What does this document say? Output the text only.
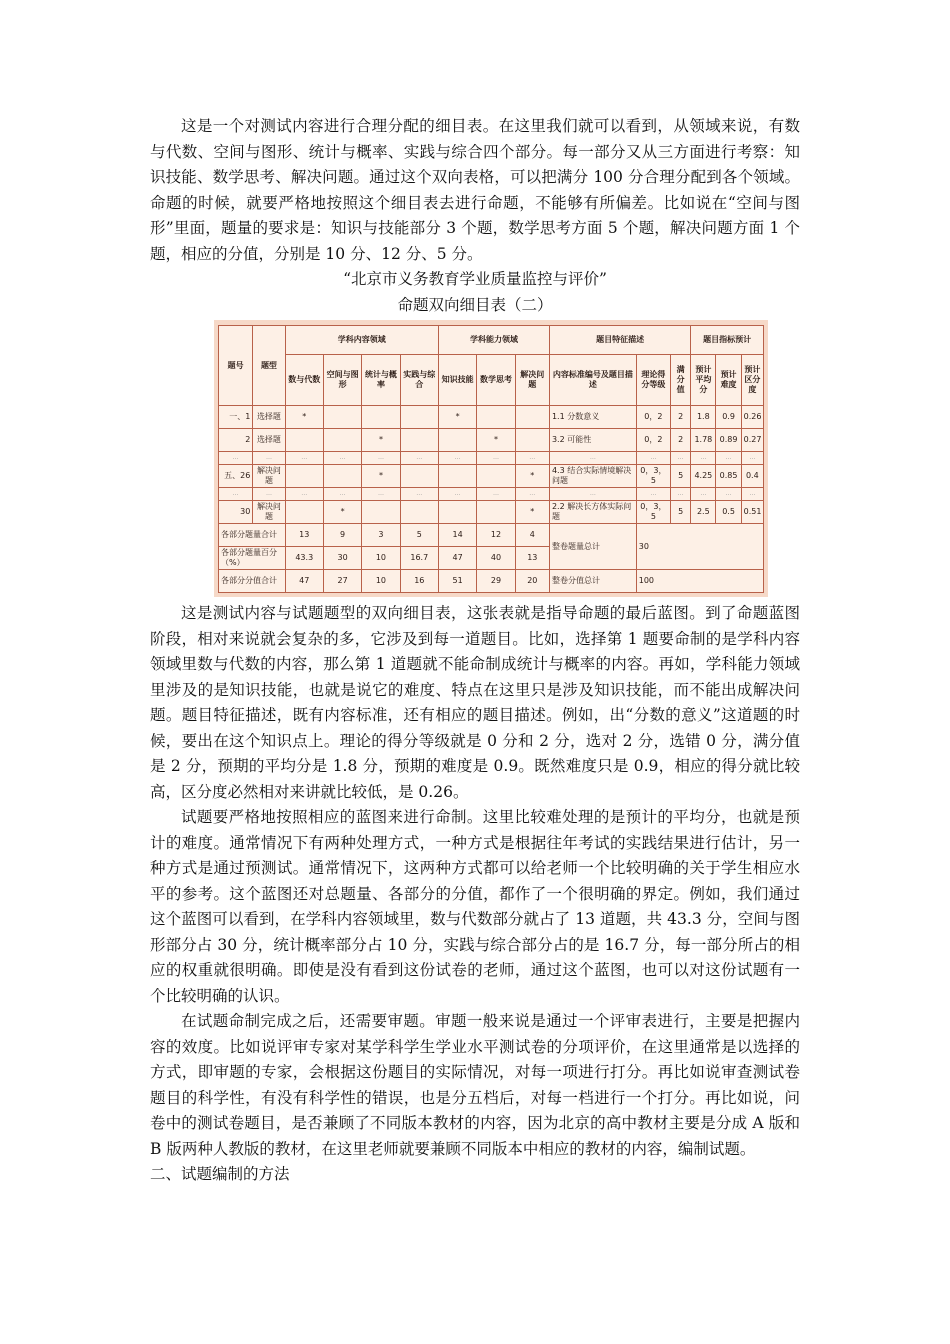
这是一个对测试内容进行合理分配的细目表。在这里我们就可以看到，从领域来说，有数与代数、空间与图形、统计与概率、实践与综合四个部分。每一部分又从三方面进行考察：知识技能、数学思考、解决问题。通过这个双向表格，可以把满分 100 分合理分配到各个领域。命题的时候，就要严格地按照这个细目表去进行命题，不能够有所偏差。比如说在“空间与图形”里面，题量的要求是：知识与技能部分 3 个题，数学思考方面 5 个题，解决问题方面 1 个题，相应的分值，分别是 10 分、12 分、5 分。

“北京市义务教育学业质量监控与评价”

命题双向细目表（二）

题号	题型	学科内容领域				学科能力领域			题目特征描述			题目指标预计		
		数与代数	空间与图形	统计与概率	实践与综合	知识技能	数学思考	解决问题	内容标准编号及题目描述	理论得分等级	满分值	预计平均分	预计难度	预计区分度
一、1	选择题	*				*			1.1 分数意义	0，2	2	1.8	0.9	0.26
2	选择题			*			*		3.2 可能性	0，2	2	1.78	0.89	0.27
…	…	…	…	…	…	…	…	…	…	…	…	…	…	…
五、26	解决问题			*				*	4.3 结合实际情境解决问题	0，3，5	5	4.25	0.85	0.4
…	…	…	…	…	…	…	…	…	…	…	…	…	…	…
30	解决问题		*					*	2.2 解决长方体实际问题	0，3，5	5	2.5	0.5	0.51
各部分题量合计		13	9	3	5	14	12	4	整卷题量总计	30				
各部分题量百分（%）		43.3	30	10	16.7	47	40	13						
各部分分值合计		47	27	10	16	51	29	20	整卷分值总计	100				

这是测试内容与试题题型的双向细目表，这张表就是指导命题的最后蓝图。到了命题蓝图阶段，相对来说就会复杂的多，它涉及到每一道题目。比如，选择第 1 题要命制的是学科内容领域里数与代数的内容，那么第 1 道题就不能命制成统计与概率的内容。再如，学科能力领域里涉及的是知识技能，也就是说它的难度、特点在这里只是涉及知识技能，而不能出成解决问题。题目特征描述，既有内容标准，还有相应的题目描述。例如，出“分数的意义”这道题的时候，要出在这个知识点上。理论的得分等级就是 0 分和 2 分，选对 2 分，选错 0 分，满分值是 2 分，预期的平均分是 1.8 分，预期的难度是 0.9。既然难度只是 0.9，相应的得分就比较高，区分度必然相对来讲就比较低，是 0.26。

试题要严格地按照相应的蓝图来进行命制。这里比较难处理的是预计的平均分，也就是预计的难度。通常情况下有两种处理方式，一种方式是根据往年考试的实践结果进行估计，另一种方式是通过预测试。通常情况下，这两种方式都可以给老师一个比较明确的关于学生相应水平的参考。这个蓝图还对总题量、各部分的分值，都作了一个很明确的界定。例如，我们通过这个蓝图可以看到，在学科内容领域里，数与代数部分就占了 13 道题，共 43.3 分，空间与图形部分占 30 分，统计概率部分占 10 分，实践与综合部分占的是 16.7 分，每一部分所占的相应的权重就很明确。即使是没有看到这份试卷的老师，通过这个蓝图，也可以对这份试题有一个比较明确的认识。

在试题命制完成之后，还需要审题。审题一般来说是通过一个评审表进行，主要是把握内容的效度。比如说评审专家对某学科学生学业水平测试卷的分项评价，在这里通常是以选择的方式，即审题的专家，会根据这份题目的实际情况，对每一项进行打分。再比如说审查测试卷题目的科学性，有没有科学性的错误，也是分五档后，对每一档进行一个打分。再比如说，问卷中的测试卷题目，是否兼顾了不同版本教材的内容，因为北京的高中教材主要是分成 A 版和 B 版两种人教版的教材，在这里老师就要兼顾不同版本中相应的教材的内容，编制试题。

二、试题编制的方法
